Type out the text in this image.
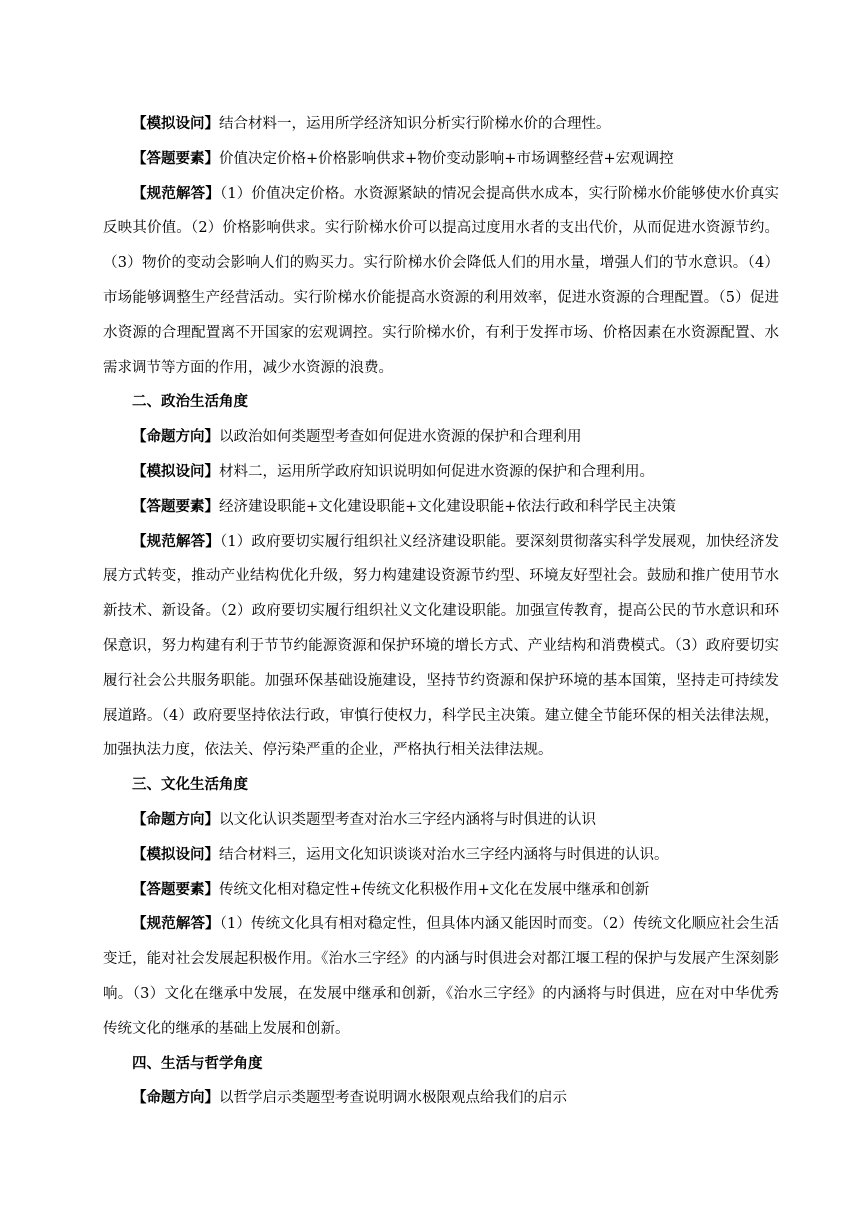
【模拟设问】结合材料一，运用所学经济知识分析实行阶梯水价的合理性。

【答题要素】价值决定价格+价格影响供求+物价变动影响+市场调整经营+宏观调控

【规范解答】（1）价值决定价格。水资源紧缺的情况会提高供水成本，实行阶梯水价能够使水价真实反映其价值。（2）价格影响供求。实行阶梯水价可以提高过度用水者的支出代价，从而促进水资源节约。（3）物价的变动会影响人们的购买力。实行阶梯水价会降低人们的用水量，增强人们的节水意识。（4）市场能够调整生产经营活动。实行阶梯水价能提高水资源的利用效率，促进水资源的合理配置。（5）促进水资源的合理配置离不开国家的宏观调控。实行阶梯水价，有利于发挥市场、价格因素在水资源配置、水需求调节等方面的作用，减少水资源的浪费。

二、政治生活角度

【命题方向】以政治如何类题型考查如何促进水资源的保护和合理利用

【模拟设问】材料二，运用所学政府知识说明如何促进水资源的保护和合理利用。

【答题要素】经济建设职能+文化建设职能+文化建设职能+依法行政和科学民主决策

【规范解答】（1）政府要切实履行组织社义经济建设职能。要深刻贯彻落实科学发展观，加快经济发展方式转变，推动产业结构优化升级，努力构建建设资源节约型、环境友好型社会。鼓励和推广使用节水新技术、新设备。（2）政府要切实履行组织社义文化建设职能。加强宣传教育，提高公民的节水意识和环保意识，努力构建有利于节节约能源资源和保护环境的增长方式、产业结构和消费模式。（3）政府要切实履行社会公共服务职能。加强环保基础设施建设，坚持节约资源和保护环境的基本国策，坚持走可持续发展道路。（4）政府要坚持依法行政，审慎行使权力，科学民主决策。建立健全节能环保的相关法律法规，加强执法力度，依法关、停污染严重的企业，严格执行相关法律法规。

三、文化生活角度

【命题方向】以文化认识类题型考查对治水三字经内涵将与时俱进的认识

【模拟设问】结合材料三，运用文化知识谈谈对治水三字经内涵将与时俱进的认识。

【答题要素】传统文化相对稳定性+传统文化积极作用+文化在发展中继承和创新

【规范解答】（1）传统文化具有相对稳定性，但具体内涵又能因时而变。（2）传统文化顺应社会生活变迁，能对社会发展起积极作用。《治水三字经》的内涵与时俱进会对都江堰工程的保护与发展产生深刻影响。（3）文化在继承中发展，在发展中继承和创新，《治水三字经》的内涵将与时俱进，应在对中华优秀传统文化的继承的基础上发展和创新。

四、生活与哲学角度

【命题方向】以哲学启示类题型考查说明调水极限观点给我们的启示
